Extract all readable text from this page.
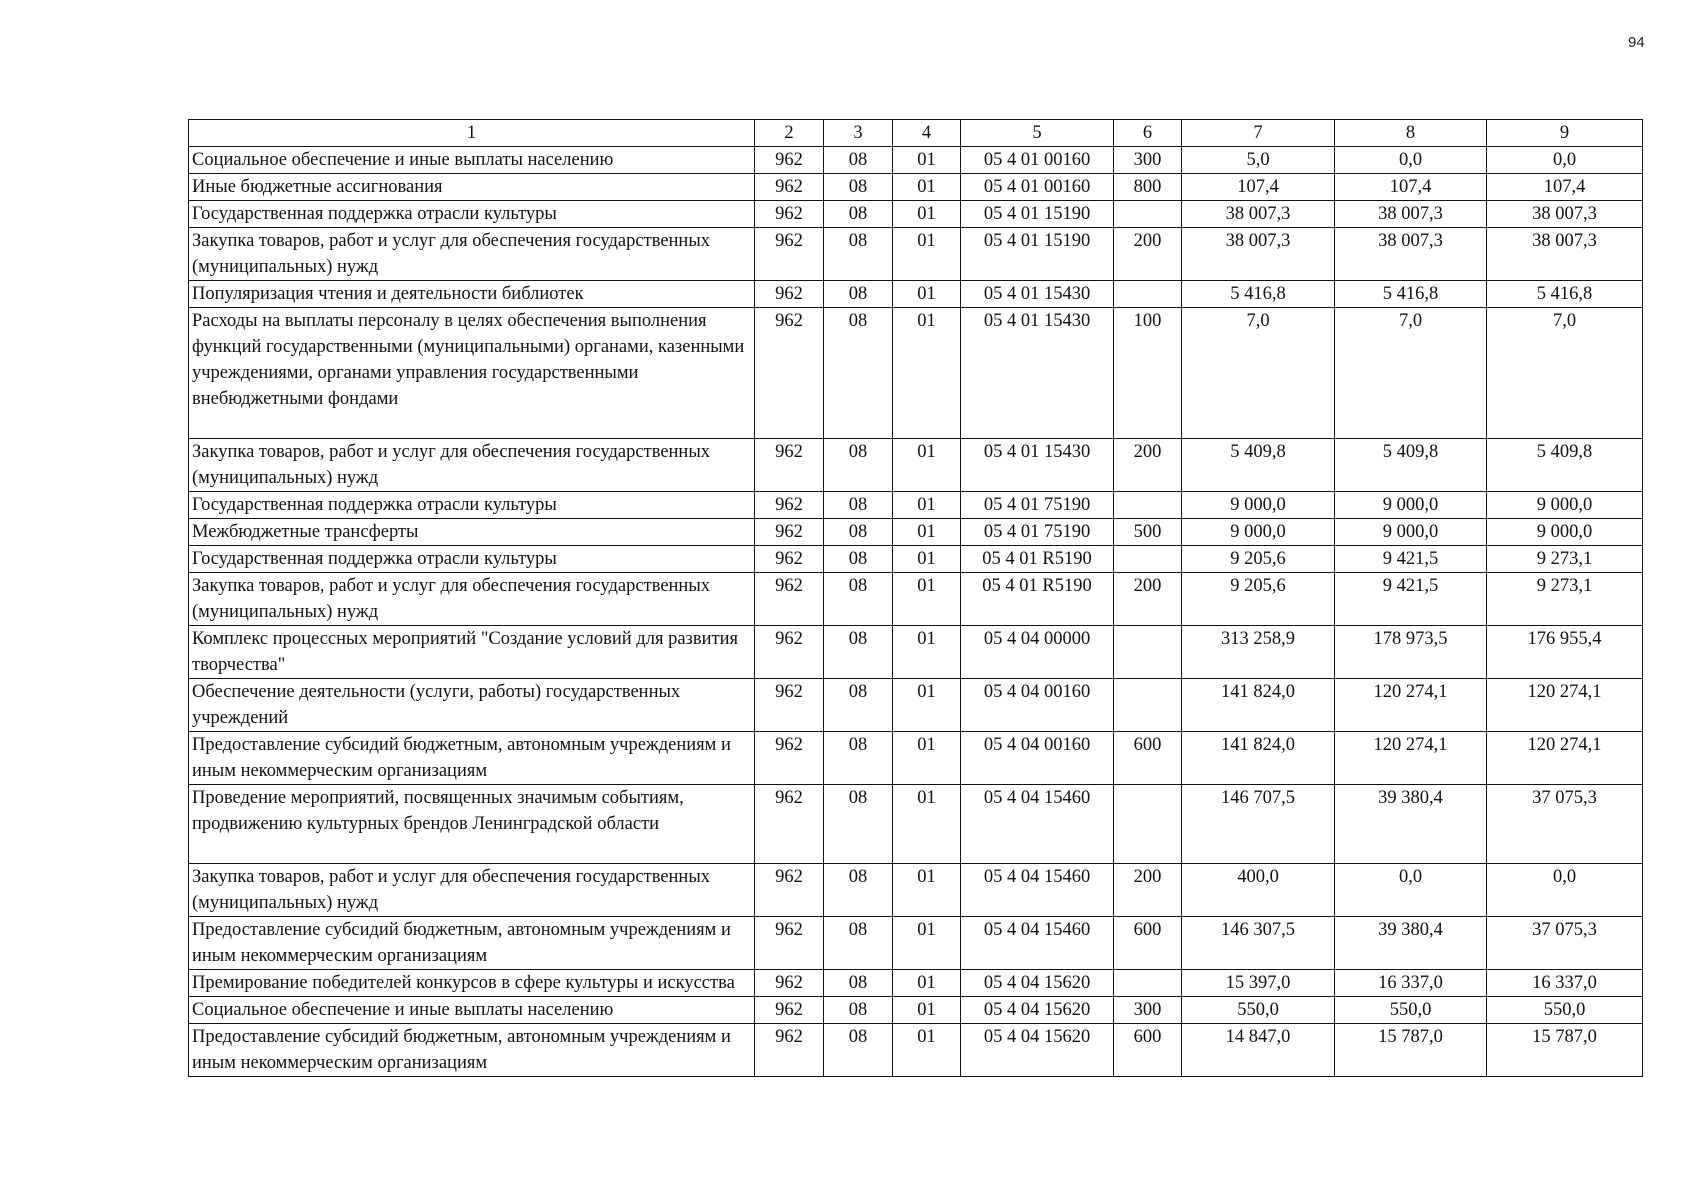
94
1	2	3	4	5	6	7	8	9
Социальное обеспечение и иные выплаты населению	962	08	01	05 4 01 00160	300	5,0	0,0	0,0
Иные бюджетные ассигнования	962	08	01	05 4 01 00160	800	107,4	107,4	107,4
Государственная поддержка отрасли культуры	962	08	01	05 4 01 15190		38 007,3	38 007,3	38 007,3
Закупка товаров, работ и услуг для обеспечения государственных (муниципальных) нужд	962	08	01	05 4 01 15190	200	38 007,3	38 007,3	38 007,3
Популяризация чтения и деятельности библиотек	962	08	01	05 4 01 15430		5 416,8	5 416,8	5 416,8
Расходы на выплаты персоналу в целях обеспечения выполнения функций государственными (муниципальными) органами, казенными учреждениями, органами управления государственными внебюджетными фондами	962	08	01	05 4 01 15430	100	7,0	7,0	7,0
Закупка товаров, работ и услуг для обеспечения государственных (муниципальных) нужд	962	08	01	05 4 01 15430	200	5 409,8	5 409,8	5 409,8
Государственная поддержка отрасли культуры	962	08	01	05 4 01 75190		9 000,0	9 000,0	9 000,0
Межбюджетные трансферты	962	08	01	05 4 01 75190	500	9 000,0	9 000,0	9 000,0
Государственная поддержка отрасли культуры	962	08	01	05 4 01 R5190		9 205,6	9 421,5	9 273,1
Закупка товаров, работ и услуг для обеспечения государственных (муниципальных) нужд	962	08	01	05 4 01 R5190	200	9 205,6	9 421,5	9 273,1
Комплекс процессных мероприятий "Создание условий для развития творчества"	962	08	01	05 4 04 00000		313 258,9	178 973,5	176 955,4
Обеспечение деятельности (услуги, работы) государственных учреждений	962	08	01	05 4 04 00160		141 824,0	120 274,1	120 274,1
Предоставление субсидий бюджетным, автономным учреждениям и иным некоммерческим организациям	962	08	01	05 4 04 00160	600	141 824,0	120 274,1	120 274,1
Проведение мероприятий, посвященных значимым событиям, продвижению культурных брендов Ленинградской области	962	08	01	05 4 04 15460		146 707,5	39 380,4	37 075,3
Закупка товаров, работ и услуг для обеспечения государственных (муниципальных) нужд	962	08	01	05 4 04 15460	200	400,0	0,0	0,0
Предоставление субсидий бюджетным, автономным учреждениям и иным некоммерческим организациям	962	08	01	05 4 04 15460	600	146 307,5	39 380,4	37 075,3
Премирование победителей конкурсов в сфере культуры и искусства	962	08	01	05 4 04 15620		15 397,0	16 337,0	16 337,0
Социальное обеспечение и иные выплаты населению	962	08	01	05 4 04 15620	300	550,0	550,0	550,0
Предоставление субсидий бюджетным, автономным учреждениям и иным некоммерческим организациям	962	08	01	05 4 04 15620	600	14 847,0	15 787,0	15 787,0
